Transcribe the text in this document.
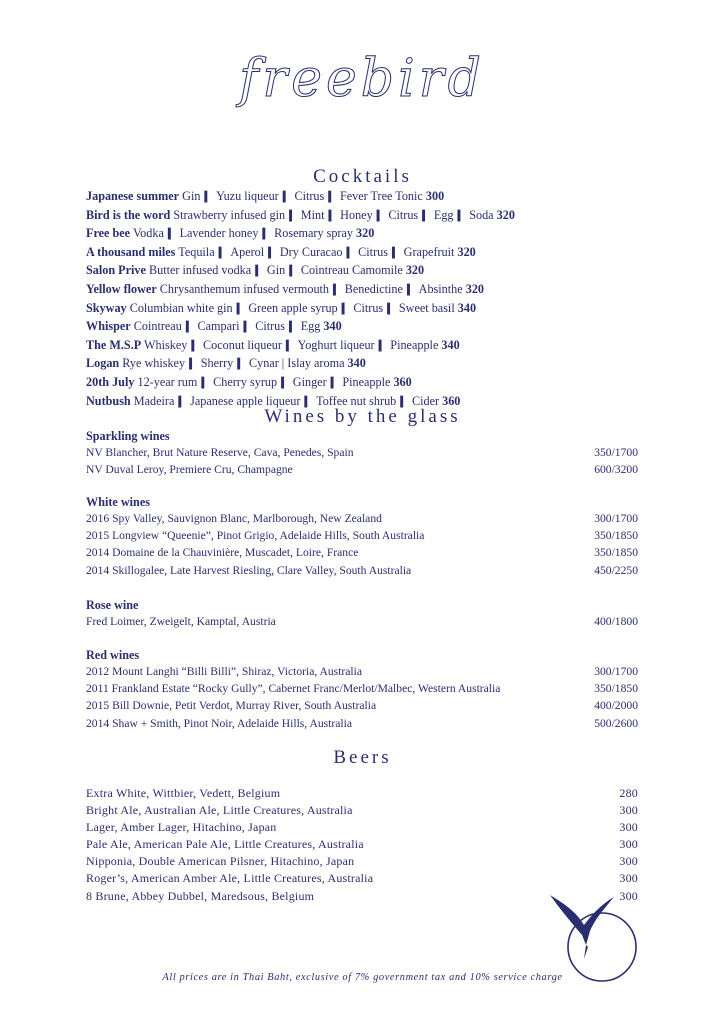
freebird
Cocktails
Japanese summer Gin ▍ Yuzu liqueur ▍ Citrus ▍ Fever Tree Tonic 300
Bird is the word Strawberry infused gin ▍ Mint ▍ Honey ▍ Citrus ▍ Egg ▍ Soda 320
Free bee Vodka ▍ Lavender honey ▍ Rosemary spray 320
A thousand miles Tequila ▍ Aperol ▍ Dry Curacao ▍ Citrus ▍ Grapefruit 320
Salon Prive Butter infused vodka ▍ Gin ▍ Cointreau Camomile 320
Yellow flower Chrysanthemum infused vermouth ▍ Benedictine ▍ Absinthe 320
Skyway Columbian white gin ▍ Green apple syrup ▍ Citrus ▍ Sweet basil 340
Whisper Cointreau ▍ Campari ▍ Citrus ▍ Egg 340
The M.S.P Whiskey ▍ Coconut liqueur ▍ Yoghurt liqueur ▍ Pineapple 340
Logan Rye whiskey ▍ Sherry ▍ Cynar | Islay aroma 340
20th July 12-year rum ▍ Cherry syrup ▍ Ginger ▍ Pineapple 360
Nutbush Madeira ▍ Japanese apple liqueur ▍ Toffee nut shrub ▍ Cider 360
Wines by the glass
Sparkling wines
NV Blancher, Brut Nature Reserve, Cava, Penedes, Spain	350/1700
NV Duval Leroy, Premiere Cru, Champagne	600/3200
White wines
2016 Spy Valley, Sauvignon Blanc, Marlborough, New Zealand	300/1700
2015 Longview “Queenie”, Pinot Grigio, Adelaide Hills, South Australia	350/1850
2014 Domaine de la Chauvinière, Muscadet, Loire, France	350/1850
2014 Skillogalee, Late Harvest Riesling, Clare Valley, South Australia	450/2250
Rose wine
Fred Loimer, Zweigelt, Kamptal, Austria	400/1800
Red wines
2012 Mount Langhi “Billi Billi”, Shiraz, Victoria, Australia	300/1700
2011 Frankland Estate “Rocky Gully”, Cabernet Franc/Merlot/Malbec, Western Australia	350/1850
2015 Bill Downie, Petit Verdot, Murray River, South Australia	400/2000
2014 Shaw + Smith, Pinot Noir, Adelaide Hills, Australia	500/2600
Beers
Extra White, Wittbier, Vedett, Belgium	280
Bright Ale, Australian Ale, Little Creatures, Australia	300
Lager, Amber Lager, Hitachino, Japan	300
Pale Ale, American Pale Ale, Little Creatures, Australia	300
Nipponia, Double American Pilsner, Hitachino, Japan	300
Roger’s, American Amber Ale, Little Creatures, Australia	300
8 Brune, Abbey Dubbel, Maredsous, Belgium	300
All prices are in Thai Baht, exclusive of 7% government tax and 10% service charge
